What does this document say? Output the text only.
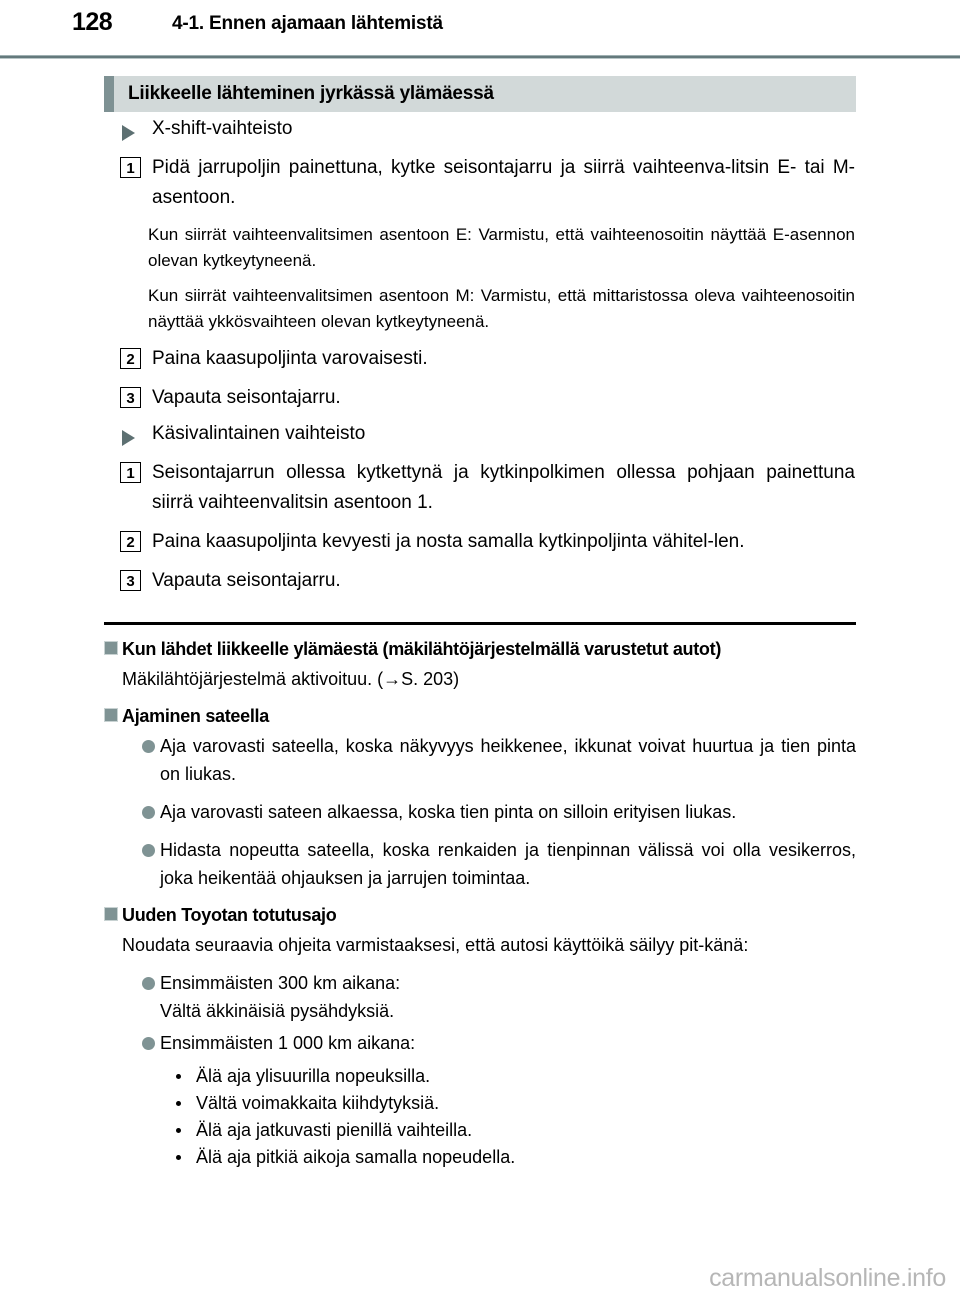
128	4-1. Ennen ajamaan lähtemistä
Liikkeelle lähteminen jyrkässä ylämäessä
X-shift-vaihteisto
1 Pidä jarrupoljin painettuna, kytke seisontajarru ja siirrä vaihteenva-litsin E- tai M-asentoon.
Kun siirrät vaihteenvalitsimen asentoon E: Varmistu, että vaihteenosoitin näyttää E-asennon olevan kytkeytyneenä.
Kun siirrät vaihteenvalitsimen asentoon M: Varmistu, että mittaristossa oleva vaihteenosoitin näyttää ykkösvaihteen olevan kytkeytyneenä.
2 Paina kaasupoljinta varovaisesti.
3 Vapauta seisontajarru.
Käsivalintainen vaihteisto
1 Seisontajarrun ollessa kytkettynä ja kytkinpolkimen ollessa pohjaan painettuna siirrä vaihteenvalitsin asentoon 1.
2 Paina kaasupoljinta kevyesti ja nosta samalla kytkinpoljinta vähitel-len.
3 Vapauta seisontajarru.
Kun lähdet liikkeelle ylämäestä (mäkilähtöjärjestelmällä varustetut autot)
Mäkilähtöjärjestelmä aktivoituu. (→S. 203)
Ajaminen sateella
Aja varovasti sateella, koska näkyvyys heikkenee, ikkunat voivat huurtua ja tien pinta on liukas.
Aja varovasti sateen alkaessa, koska tien pinta on silloin erityisen liukas.
Hidasta nopeutta sateella, koska renkaiden ja tienpinnan välissä voi olla vesikerros, joka heikentää ohjauksen ja jarrujen toimintaa.
Uuden Toyotan totutusajo
Noudata seuraavia ohjeita varmistaaksesi, että autosi käyttöikä säilyy pit-känä:
Ensimmäisten 300 km aikana:
Vältä äkkinäisiä pysähdyksiä.
Ensimmäisten 1 000 km aikana:
Älä aja ylisuurilla nopeuksilla.
Vältä voimakkaita kiihdytyksiä.
Älä aja jatkuvasti pienillä vaihteilla.
Älä aja pitkiä aikoja samalla nopeudella.
carmanualsonline.info
